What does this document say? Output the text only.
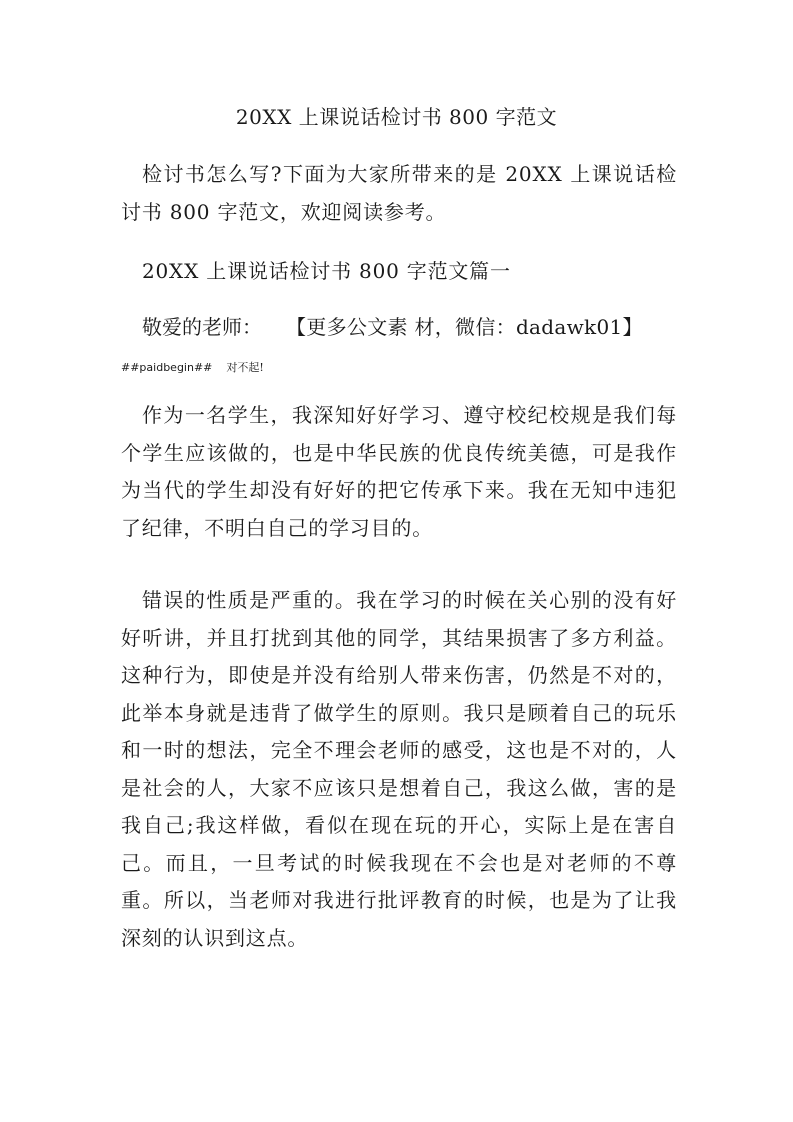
20XX 上课说话检讨书 800 字范文

检讨书怎么写?下面为大家所带来的是 20XX 上课说话检讨书 800 字范文，欢迎阅读参考。

20XX 上课说话检讨书 800 字范文篇一
敬爱的老师： 【更多公文素 材，微信：dadawk01】
##paidbegin## 对不起!

作为一名学生，我深知好好学习、遵守校纪校规是我们每个学生应该做的，也是中华民族的优良传统美德，可是我作为当代的学生却没有好好的把它传承下来。我在无知中违犯了纪律，不明白自己的学习目的。

错误的性质是严重的。我在学习的时候在关心别的没有好好听讲，并且打扰到其他的同学，其结果损害了多方利益。这种行为，即使是并没有给别人带来伤害，仍然是不对的，此举本身就是违背了做学生的原则。我只是顾着自己的玩乐和一时的想法，完全不理会老师的感受，这也是不对的，人是社会的人，大家不应该只是想着自己，我这么做，害的是我自己;我这样做，看似在现在玩的开心，实际上是在害自己。而且，一旦考试的时候我现在不会也是对老师的不尊重。所以，当老师对我进行批评教育的时候，也是为了让我深刻的认识到这点。
